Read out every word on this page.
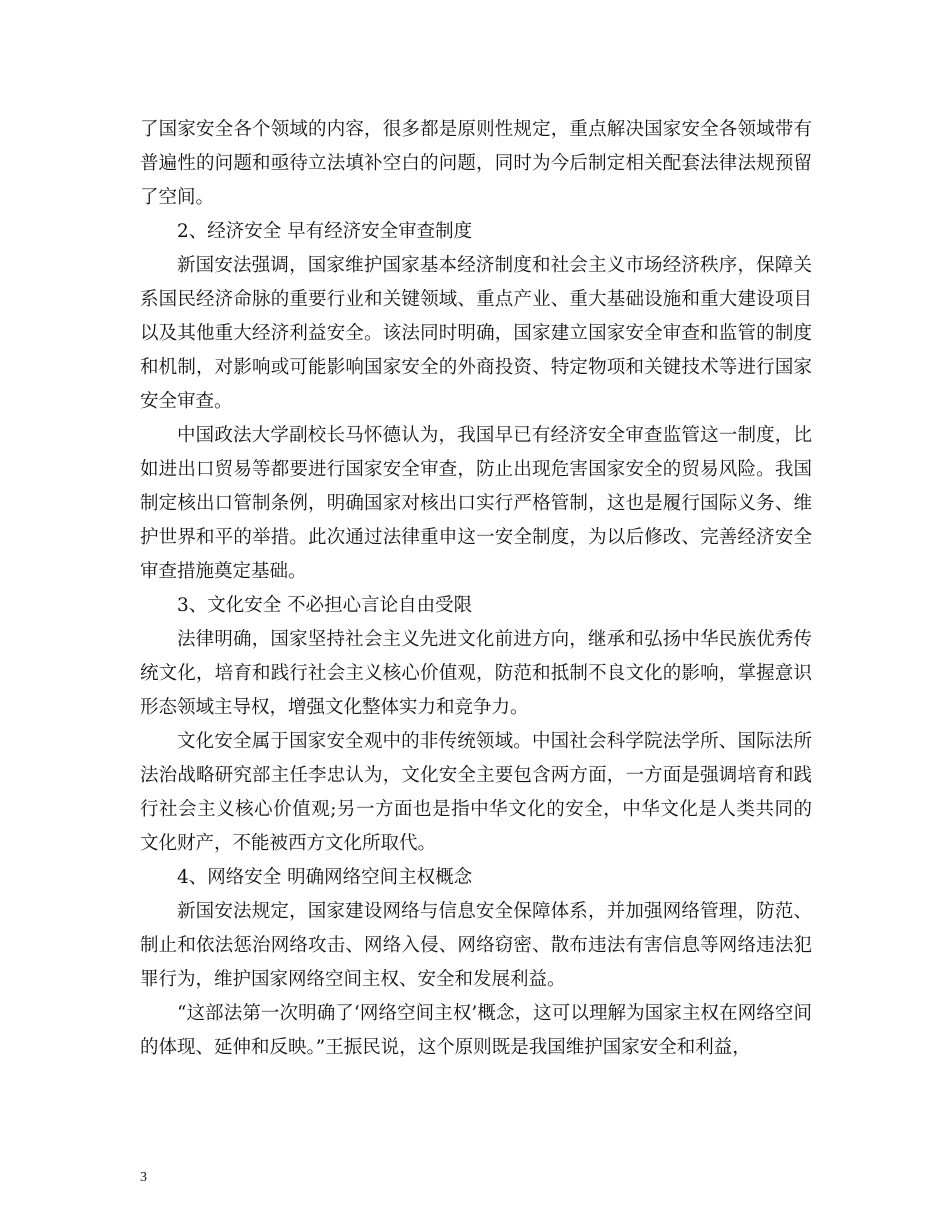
了国家安全各个领域的内容，很多都是原则性规定，重点解决国家安全各领域带有普遍性的问题和亟待立法填补空白的问题，同时为今后制定相关配套法律法规预留了空间。

2、经济安全 早有经济安全审查制度

新国安法强调，国家维护国家基本经济制度和社会主义市场经济秩序，保障关系国民经济命脉的重要行业和关键领域、重点产业、重大基础设施和重大建设项目以及其他重大经济利益安全。该法同时明确，国家建立国家安全审查和监管的制度和机制，对影响或可能影响国家安全的外商投资、特定物项和关键技术等进行国家安全审查。

中国政法大学副校长马怀德认为，我国早已有经济安全审查监管这一制度，比如进出口贸易等都要进行国家安全审查，防止出现危害国家安全的贸易风险。我国制定核出口管制条例，明确国家对核出口实行严格管制，这也是履行国际义务、维护世界和平的举措。此次通过法律重申这一安全制度，为以后修改、完善经济安全审查措施奠定基础。

3、文化安全 不必担心言论自由受限

法律明确，国家坚持社会主义先进文化前进方向，继承和弘扬中华民族优秀传统文化，培育和践行社会主义核心价值观，防范和抵制不良文化的影响，掌握意识形态领域主导权，增强文化整体实力和竞争力。

文化安全属于国家安全观中的非传统领域。中国社会科学院法学所、国际法所法治战略研究部主任李忠认为，文化安全主要包含两方面，一方面是强调培育和践行社会主义核心价值观;另一方面也是指中华文化的安全，中华文化是人类共同的文化财产，不能被西方文化所取代。

4、网络安全 明确网络空间主权概念

新国安法规定，国家建设网络与信息安全保障体系，并加强网络管理，防范、制止和依法惩治网络攻击、网络入侵、网络窃密、散布违法有害信息等网络违法犯罪行为，维护国家网络空间主权、安全和发展利益。

“这部法第一次明确了‘网络空间主权’概念，这可以理解为国家主权在网络空间的体现、延伸和反映。”王振民说，这个原则既是我国维护国家安全和利益，

3
